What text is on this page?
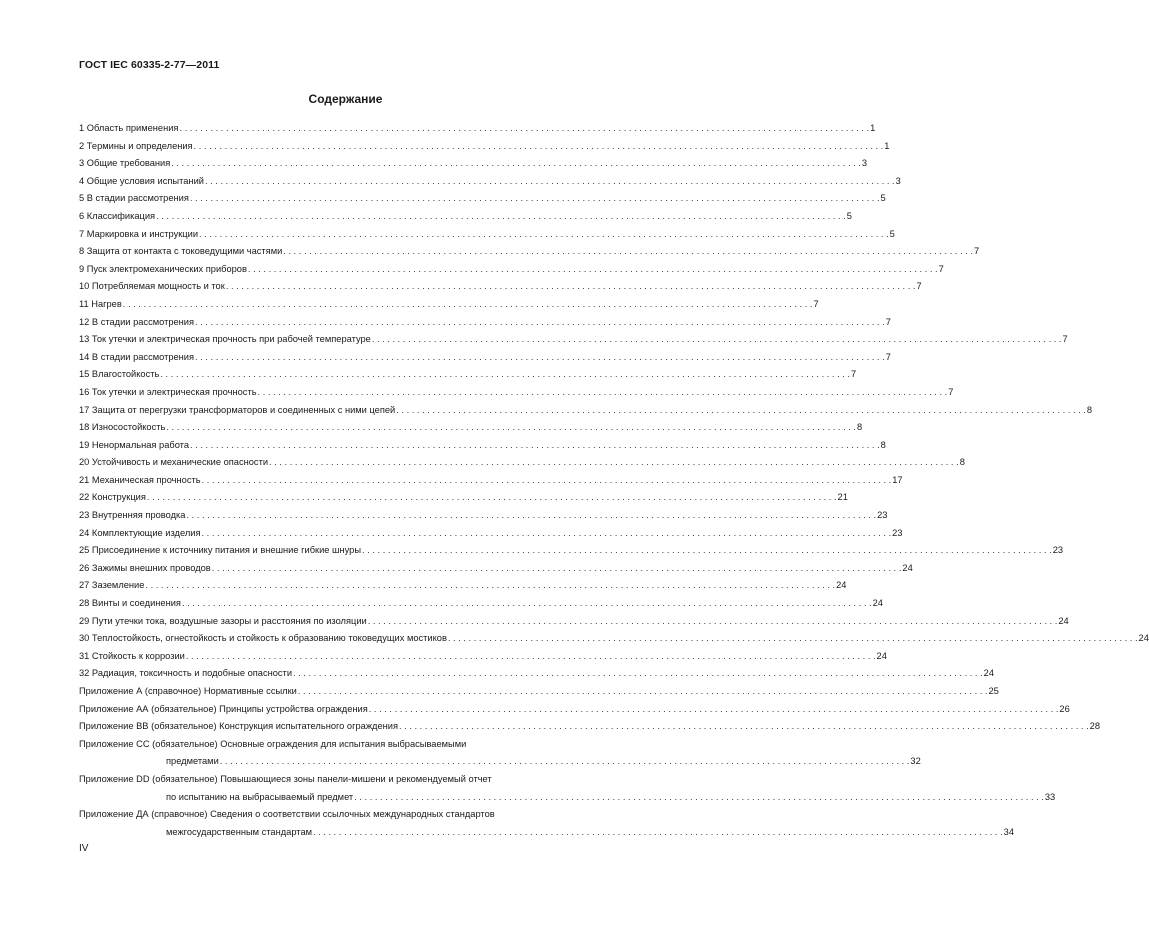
ГОСТ IEC 60335-2-77—2011
Содержание
1 Область применения . . .	1
2 Термины и определения . . .	1
3 Общие требования . . .	3
4 Общие условия испытаний . . .	3
5 В стадии рассмотрения . . .	5
6 Классификация . . .	5
7 Маркировка и инструкции . . .	5
8 Защита от контакта с токоведущими частями . . .	7
9 Пуск электромеханических приборов . . .	7
10 Потребляемая мощность и ток . . .	7
11 Нагрев . . .	7
12 В стадии рассмотрения . . .	7
13 Ток утечки и электрическая прочность при рабочей температуре . . .	7
14 В стадии рассмотрения . . .	7
15 Влагостойкость . . .	7
16 Ток утечки и электрическая прочность . . .	7
17 Защита от перегрузки трансформаторов и соединенных с ними цепей . . .	8
18 Износостойкость . . .	8
19 Ненормальная работа . . .	8
20 Устойчивость и механические опасности . . .	8
21 Механическая прочность . . .	17
22 Конструкция . . .	21
23 Внутренняя проводка . . .	23
24 Комплектующие изделия . . .	23
25 Присоединение к источнику питания и внешние гибкие шнуры . . .	23
26 Зажимы внешних проводов . . .	24
27 Заземление . . .	24
28 Винты и соединения . . .	24
29 Пути утечки тока, воздушные зазоры и расстояния по изоляции . . .	24
30 Теплостойкость, огнестойкость и стойкость к образованию токоведущих мостиков . . .	24
31 Стойкость к коррозии . . .	24
32 Радиация, токсичность и подобные опасности . . .	24
Приложение А (справочное) Нормативные ссылки . . .	25
Приложение АА (обязательное) Принципы устройства ограждения . . .	26
Приложение ВВ (обязательное) Конструкция испытательного ограждения . . .	28
Приложение СС (обязательное) Основные ограждения для испытания выбрасываемыми
предметами . . .	32
Приложение DD (обязательное) Повышающиеся зоны панели-мишени и рекомендуемый отчет
по испытанию на выбрасываемый предмет . . .	33
Приложение ДА (справочное) Сведения о соответствии ссылочных международных стандартов
межгосударственным стандартам . . .	34
IV
